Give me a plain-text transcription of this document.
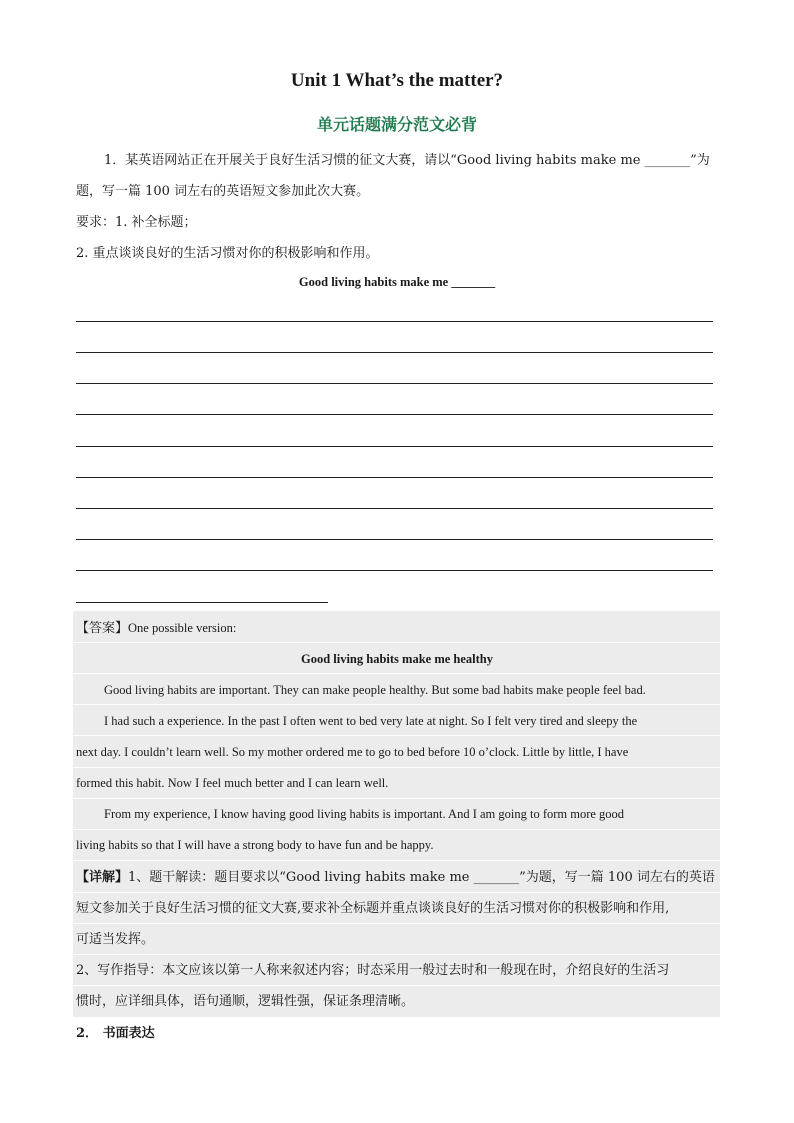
Unit 1 What’s the matter?
单元话题满分范文必背
1．某英语网站正在开展关于良好生活习惯的征文大赛，请以“Good living habits make me _______”为
题，写一篇 100 词左右的英语短文参加此次大赛。
要求：1. 补全标题；
2. 重点谈谈良好的生活习惯对你的积极影响和作用。
Good living habits make me _______
【答案】One possible version:
Good living habits make me healthy
Good living habits are important. They can make people healthy. But some bad habits make people feel bad.
I had such a experience. In the past I often went to bed very late at night. So I felt very tired and sleepy the
next day. I couldn’t learn well. So my mother ordered me to go to bed before 10 o’clock. Little by little, I have
formed this habit. Now I feel much better and I can learn well.
From my experience, I know having good living habits is important. And I am going to form more good
living habits so that I will have a strong body to have fun and be happy.
【详解】1、题干解读：题目要求以“Good living habits make me _______”为题，写一篇 100 词左右的英语
短文参加关于良好生活习惯的征文大赛,要求补全标题并重点谈谈良好的生活习惯对你的积极影响和作用,
可适当发挥。
2、写作指导：本文应该以第一人称来叙述内容；时态采用一般过去时和一般现在时，介绍良好的生活习
惯时，应详细具体，语句通顺，逻辑性强，保证条理清晰。
2． 书面表达
